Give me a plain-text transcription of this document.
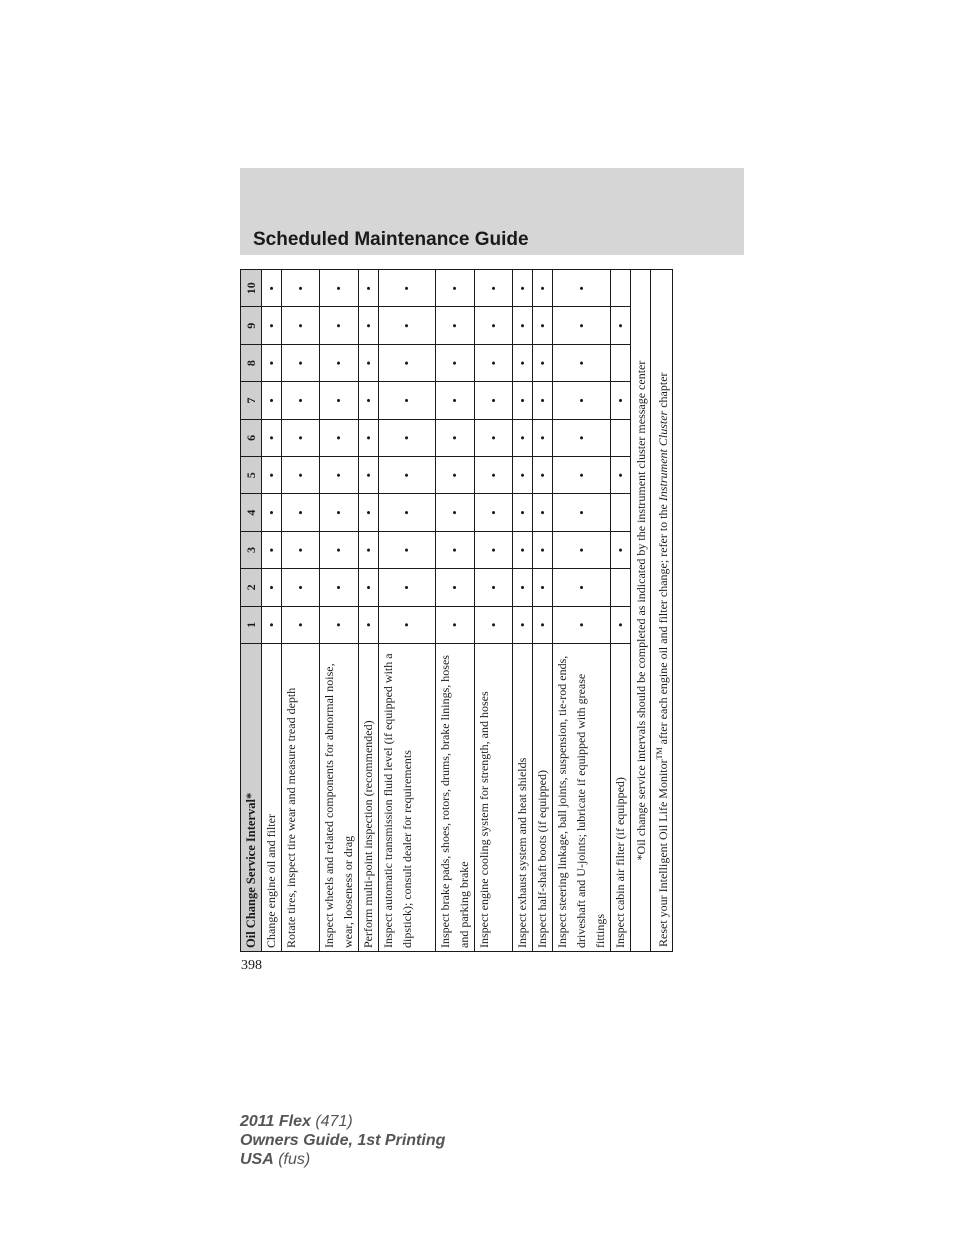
Scheduled Maintenance Guide
Oil Change Service Interval*	1	2	3	4	5	6	7	8	9	10
Change engine oil and filter	•	•	•	•	•	•	•	•	•	•
Rotate tires, inspect tire wear and measure tread depth	•	•	•	•	•	•	•	•	•	•
Inspect wheels and related components for abnormal noise, wear, looseness or drag	•	•	•	•	•	•	•	•	•	•
Perform multi-point inspection (recommended)	•	•	•	•	•	•	•	•	•	•
Inspect automatic transmission fluid level (if equipped with a dipstick); consult dealer for requirements	•	•	•	•	•	•	•	•	•	•
Inspect brake pads, shoes, rotors, drums, brake linings, hoses and parking brake	•	•	•	•	•	•	•	•	•	•
Inspect engine cooling system for strength, and hoses	•	•	•	•	•	•	•	•	•	•
Inspect exhaust system and heat shields	•	•	•	•	•	•	•	•	•	•
Inspect half-shaft boots (if equipped)	•	•	•	•	•	•	•	•	•	•
Inspect steering linkage, ball joints, suspension, tie-rod ends, driveshaft and U-joints; lubricate if equipped with grease fittings	•	•	•	•	•	•	•	•	•	•
Inspect cabin air filter (if equipped)	•		•		•		•		•	
*Oil change service intervals should be completed as indicated by the instrument cluster message center										
Reset your Intelligent Oil Life Monitor™ after each engine oil and filter change; refer to the Instrument Cluster chapter										
398
2011 Flex (471)
Owners Guide, 1st Printing
USA (fus)
